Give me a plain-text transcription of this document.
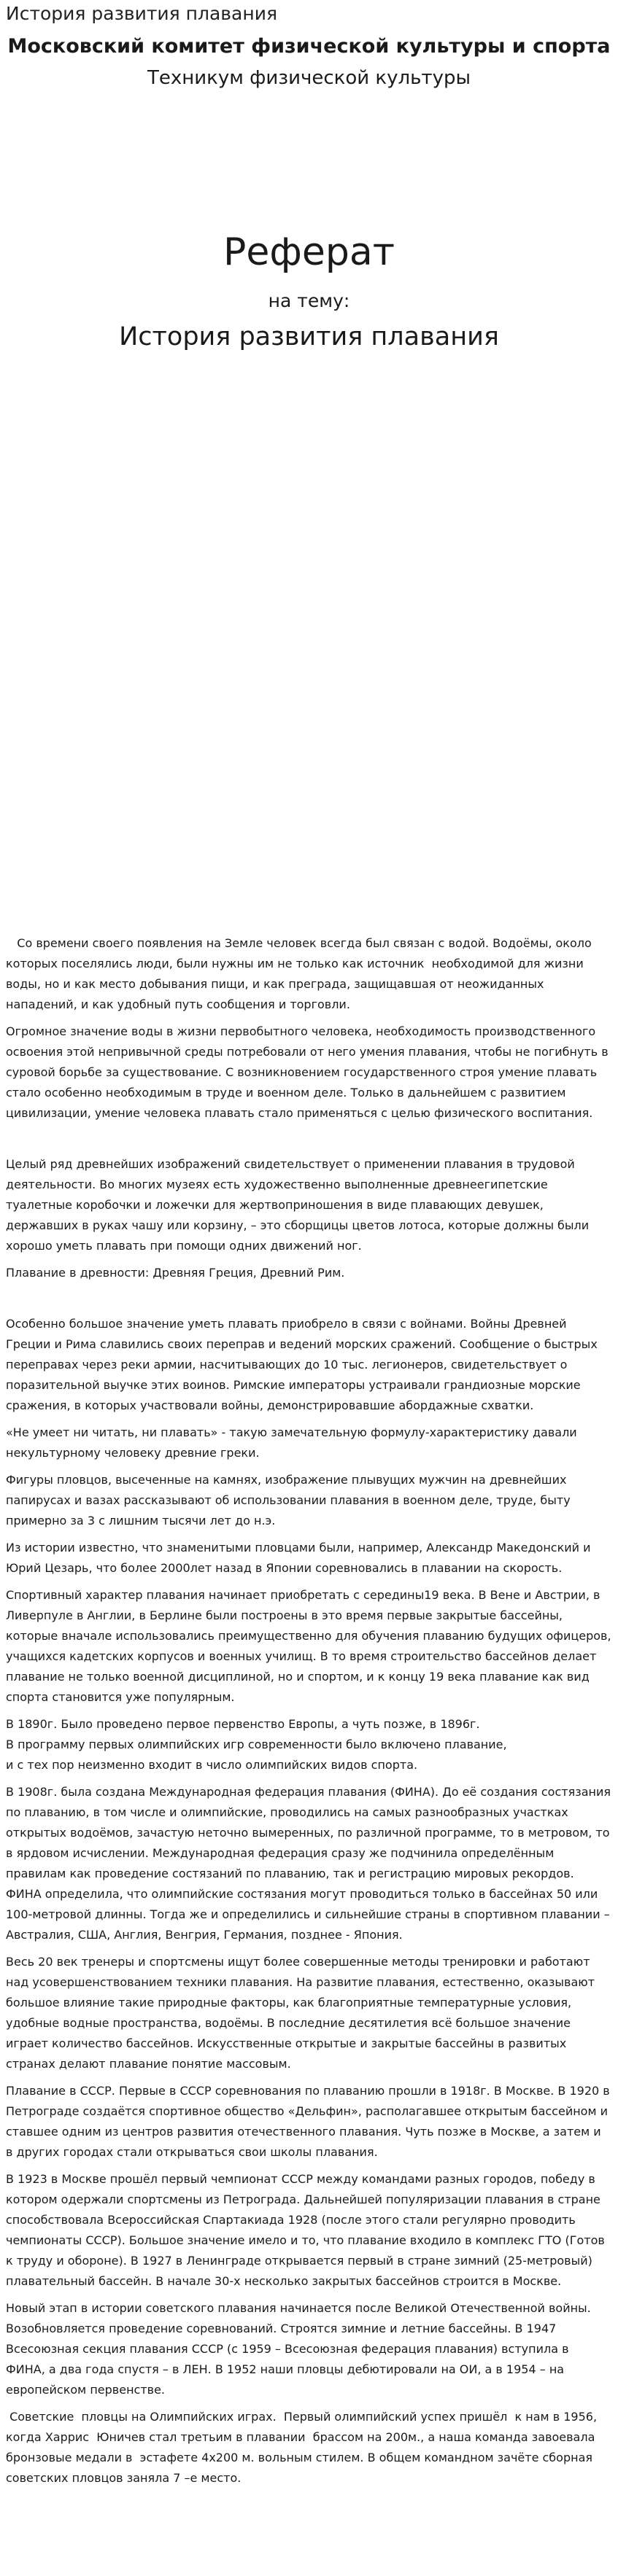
История развития плавания
Московский комитет физической культуры и спорта
Техникум физической культуры
Реферат
на тему:
История развития плавания

Со времени своего появления на Земле человек всегда был связан с водой. Водоёмы, около которых поселялись люди, были нужны им не только как источник  необходимой для жизни воды, но и как место добывания пищи, и как преграда, защищавшая от неожиданных нападений, и как удобный путь сообщения и торговли.

Огромное значение воды в жизни первобытного человека, необходимость производственного освоения этой непривычной среды потребовали от него умения плавания, чтобы не погибнуть в суровой борьбе за существование. С возникновением государственного строя умение плавать стало особенно необходимым в труде и военном деле. Только в дальнейшем с развитием цивилизации, умение человека плавать стало применяться с целью физического воспитания.

Целый ряд древнейших изображений свидетельствует о применении плавания в трудовой деятельности. Во многих музеях есть художественно выполненные древнеегипетские туалетные коробочки и ложечки для жертвоприношения в виде плавающих девушек, державших в руках чашу или корзину, – это сборщицы цветов лотоса, которые должны были хорошо уметь плавать при помощи одних движений ног.

Плавание в древности: Древняя Греция, Древний Рим.

Особенно большое значение уметь плавать приобрело в связи с войнами. Войны Древней Греции и Рима славились своих переправ и ведений морских сражений. Сообщение о быстрых переправах через реки армии, насчитывающих до 10 тыс. легионеров, свидетельствует о поразительной выучке этих воинов. Римские императоры устраивали грандиозные морские сражения, в которых участвовали войны, демонстрировавшие абордажные схватки.

«Не умеет ни читать, ни плавать» - такую замечательную формулу-характеристику давали некультурному человеку древние греки.

Фигуры пловцов, высеченные на камнях, изображение плывущих мужчин на древнейших папирусах и вазах рассказывают об использовании плавания в военном деле, труде, быту примерно за 3 с лишним тысячи лет до н.э.

Из истории известно, что знаменитыми пловцами были, например, Александр Македонский и Юрий Цезарь, что более 2000лет назад в Японии соревновались в плавании на скорость.

Спортивный характер плавания начинает приобретать с середины19 века. В Вене и Австрии, в Ливерпуле в Англии, в Берлине были построены в это время первые закрытые бассейны, которые вначале использовались преимущественно для обучения плаванию будущих офицеров, учащихся кадетских корпусов и военных училищ. В то время строительство бассейнов делает плавание не только военной дисциплиной, но и спортом, и к концу 19 века плавание как вид спорта становится уже популярным.

В 1890г. Было проведено первое первенство Европы, а чуть позже, в 1896г.
В программу первых олимпийских игр современности было включено плавание,
и с тех пор неизменно входит в число олимпийских видов спорта.

В 1908г. была создана Международная федерация плавания (ФИНА). До её создания состязания по плаванию, в том числе и олимпийские, проводились на самых разнообразных участках открытых водоёмов, зачастую неточно вымеренных, по различной программе, то в метровом, то в ярдовом исчислении. Международная федерация сразу же подчинила определённым правилам как проведение состязаний по плаванию, так и регистрацию мировых рекордов. ФИНА определила, что олимпийские состязания могут проводиться только в бассейнах 50 или 100-метровой длинны. Тогда же и определились и сильнейшие страны в спортивном плавании – Австралия, США, Англия, Венгрия, Германия, позднее - Япония.

Весь 20 век тренеры и спортсмены ищут более совершенные методы тренировки и работают над усовершенствованием техники плавания. На развитие плавания, естественно, оказывают большое влияние такие природные факторы, как благоприятные температурные условия, удобные водные пространства, водоёмы. В последние десятилетия всё большое значение играет количество бассейнов. Искусственные открытые и закрытые бассейны в развитых странах делают плавание понятие массовым.

Плавание в СССР. Первые в СССР соревнования по плаванию прошли в 1918г. В Москве. В 1920 в Петрограде создаётся спортивное общество «Дельфин», располагавшее открытым бассейном и ставшее одним из центров развития отечественного плавания. Чуть позже в Москве, а затем и в других городах стали открываться свои школы плавания.

В 1923 в Москве прошёл первый чемпионат СССР между командами разных городов, победу в котором одержали спортсмены из Петрограда. Дальнейшей популяризации плавания в стране способствовала Всероссийская Спартакиада 1928 (после этого стали регулярно проводить чемпионаты СССР). Большое значение имело и то, что плавание входило в комплекс ГТО (Готов к труду и обороне). В 1927 в Ленинграде открывается первый в стране зимний (25-метровый) плавательный бассейн. В начале 30-х несколько закрытых бассейнов строится в Москве.

Новый этап в истории советского плавания начинается после Великой Отечественной войны. Возобновляется проведение соревнований. Строятся зимние и летние бассейны. В 1947 Всесоюзная секция плавания СССР (с 1959 – Всесоюзная федерация плавания) вступила в ФИНА, а два года спустя – в ЛЕН. В 1952 наши пловцы дебютировали на ОИ, а в 1954 – на европейском первенстве.

Советские  пловцы на Олимпийских играх.  Первый олимпийский успех пришёл  к нам в 1956, когда Харрис  Юничев стал третьим в плавании  брассом на 200м., а наша команда завоевала бронзовые медали в  эстафете 4х200 м. вольным стилем. В общем командном зачёте сборная советских пловцов заняла 7 –е место.
